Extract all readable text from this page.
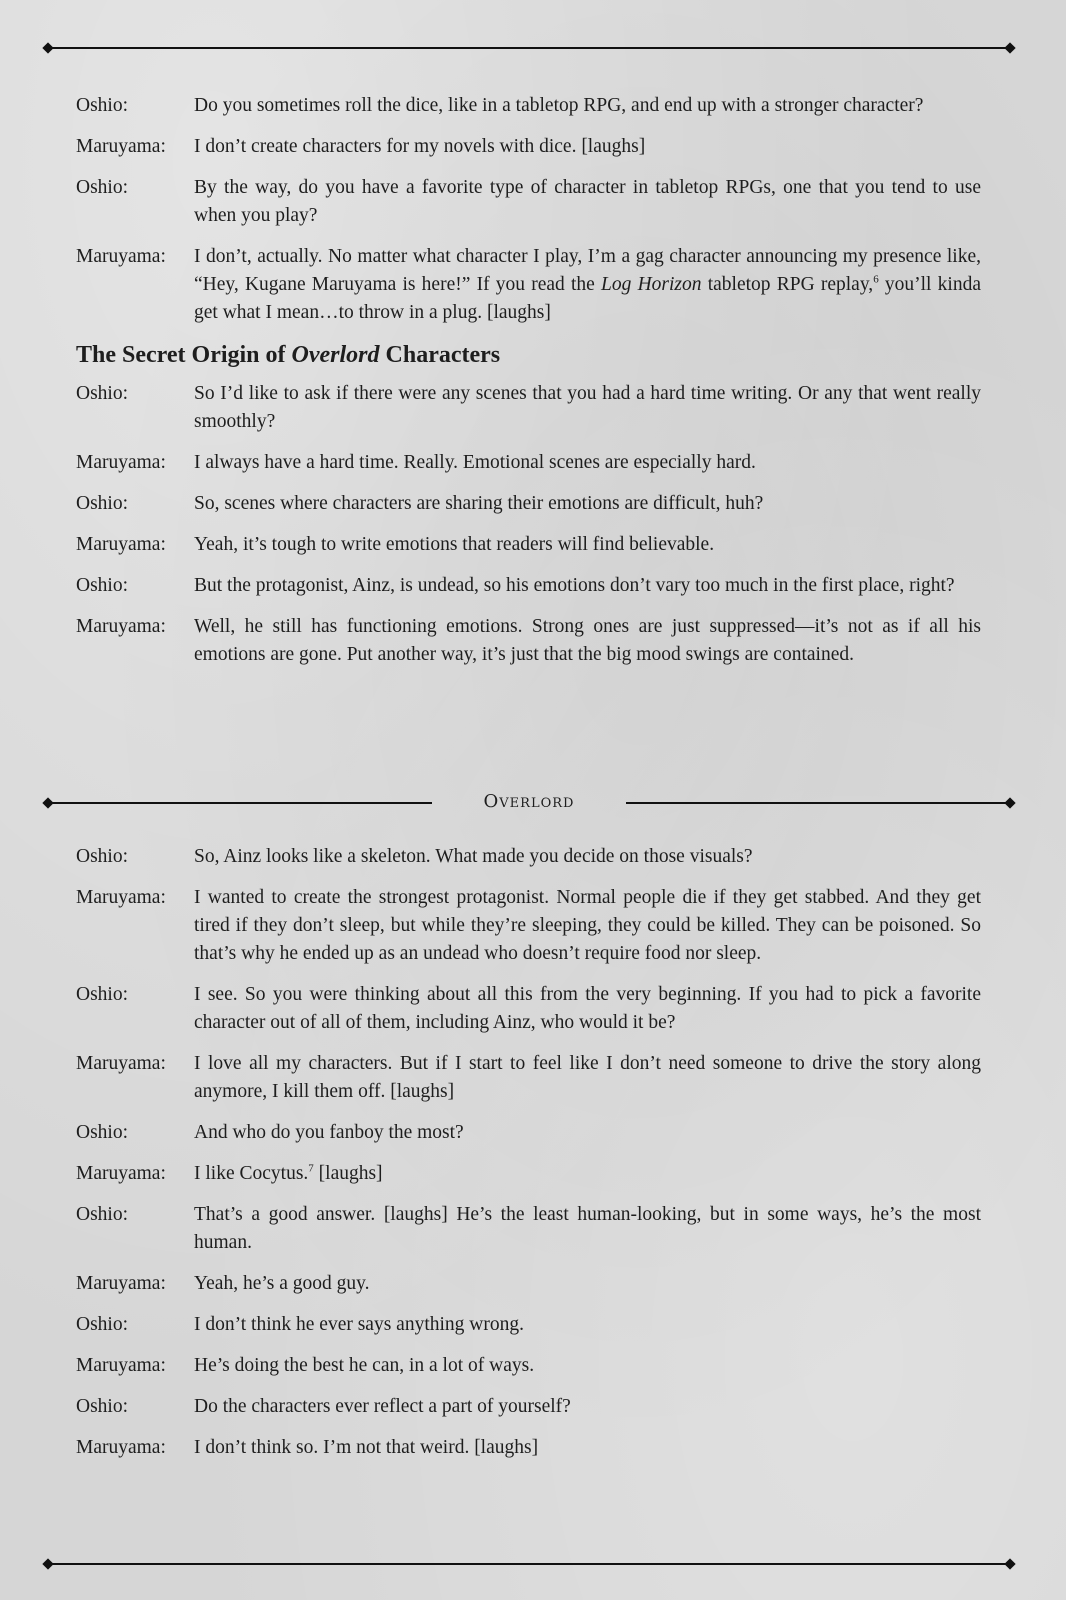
Oshio:	Do you sometimes roll the dice, like in a tabletop RPG, and end up with a stronger character?
Maruyama:	I don’t create characters for my novels with dice. [laughs]
Oshio:	By the way, do you have a favorite type of character in tabletop RPGs, one that you tend to use when you play?
Maruyama:	I don’t, actually. No matter what character I play, I’m a gag character announcing my presence like, “Hey, Kugane Maruyama is here!” If you read the Log Horizon tabletop RPG replay,$^6$ you’ll kinda get what I mean…to throw in a plug. [laughs]
The Secret Origin of Overlord Characters
Oshio:	So I’d like to ask if there were any scenes that you had a hard time writing. Or any that went really smoothly?
Maruyama:	I always have a hard time. Really. Emotional scenes are especially hard.
Oshio:	So, scenes where characters are sharing their emotions are difficult, huh?
Maruyama:	Yeah, it’s tough to write emotions that readers will find believable.
Oshio:	But the protagonist, Ainz, is undead, so his emotions don’t vary too much in the first place, right?
Maruyama:	Well, he still has functioning emotions. Strong ones are just suppressed—it’s not as if all his emotions are gone. Put another way, it’s just that the big mood swings are contained.
Overlord
Oshio:	So, Ainz looks like a skeleton. What made you decide on those visuals?
Maruyama:	I wanted to create the strongest protagonist. Normal people die if they get stabbed. And they get tired if they don’t sleep, but while they’re sleeping, they could be killed. They can be poisoned. So that’s why he ended up as an undead who doesn’t require food nor sleep.
Oshio:	I see. So you were thinking about all this from the very beginning. If you had to pick a favorite character out of all of them, including Ainz, who would it be?
Maruyama:	I love all my characters. But if I start to feel like I don’t need someone to drive the story along anymore, I kill them off. [laughs]
Oshio:	And who do you fanboy the most?
Maruyama:	I like Cocytus.$^7$ [laughs]
Oshio:	That’s a good answer. [laughs] He’s the least human-looking, but in some ways, he’s the most human.
Maruyama:	Yeah, he’s a good guy.
Oshio:	I don’t think he ever says anything wrong.
Maruyama:	He’s doing the best he can, in a lot of ways.
Oshio:	Do the characters ever reflect a part of yourself?
Maruyama:	I don’t think so. I’m not that weird. [laughs]
